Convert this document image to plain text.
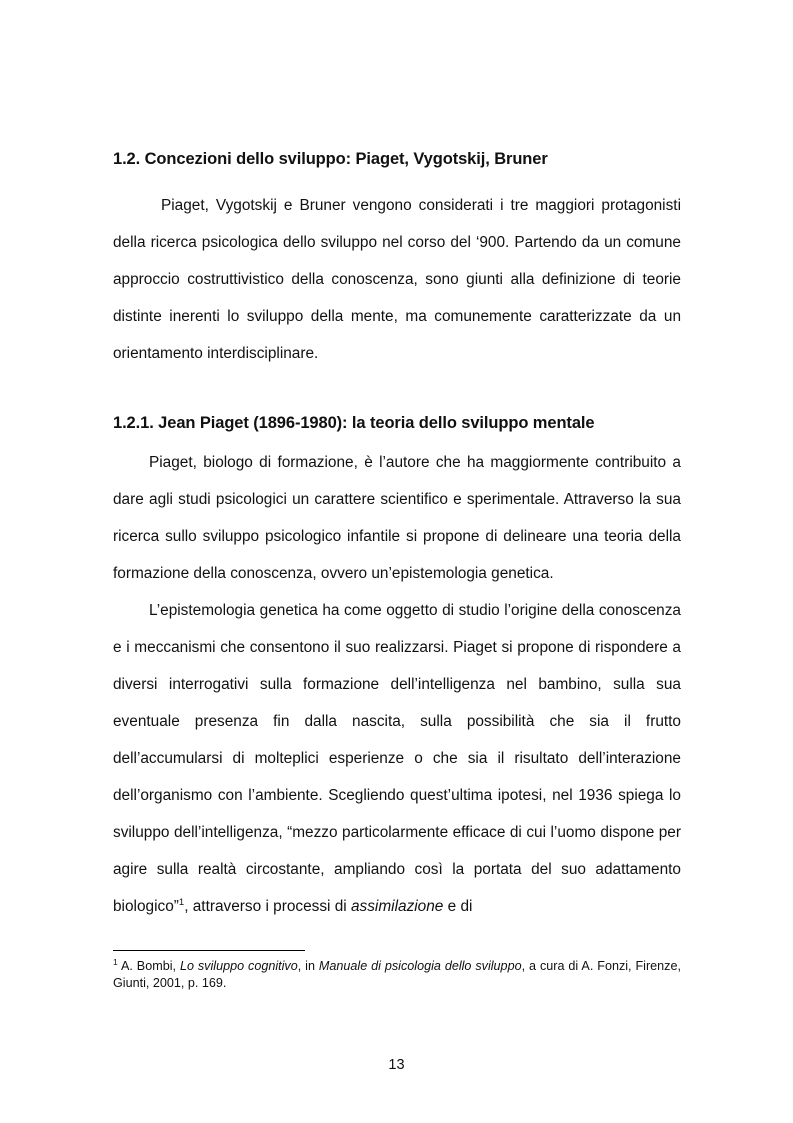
1.2. Concezioni dello sviluppo: Piaget, Vygotskij, Bruner

Piaget, Vygotskij e Bruner vengono considerati i tre maggiori protagonisti della ricerca psicologica dello sviluppo nel corso del ‘900. Partendo da un comune approccio costruttivistico della conoscenza, sono giunti alla definizione di teorie distinte inerenti lo sviluppo della mente, ma comunemente caratterizzate da un orientamento interdisciplinare.

1.2.1. Jean Piaget (1896-1980): la teoria dello sviluppo mentale

Piaget, biologo di formazione, è l’autore che ha maggiormente contribuito a dare agli studi psicologici un carattere scientifico e sperimentale. Attraverso la sua ricerca sullo sviluppo psicologico infantile si propone di delineare una teoria della formazione della conoscenza, ovvero un’epistemologia genetica.

L’epistemologia genetica ha come oggetto di studio l’origine della conoscenza e i meccanismi che consentono il suo realizzarsi. Piaget si propone di rispondere a diversi interrogativi sulla formazione dell’intelligenza nel bambino, sulla sua eventuale presenza fin dalla nascita, sulla possibilità che sia il frutto dell’accumularsi di molteplici esperienze o che sia il risultato dell’interazione dell’organismo con l’ambiente. Scegliendo quest’ultima ipotesi, nel 1936 spiega lo sviluppo dell’intelligenza, “mezzo particolarmente efficace di cui l’uomo dispone per agire sulla realtà circostante, ampliando così la portata del suo adattamento biologico”$^1$, attraverso i processi di assimilazione e di

$^1$ A. Bombi, Lo sviluppo cognitivo, in Manuale di psicologia dello sviluppo, a cura di A. Fonzi, Firenze, Giunti, 2001, p. 169.
13
